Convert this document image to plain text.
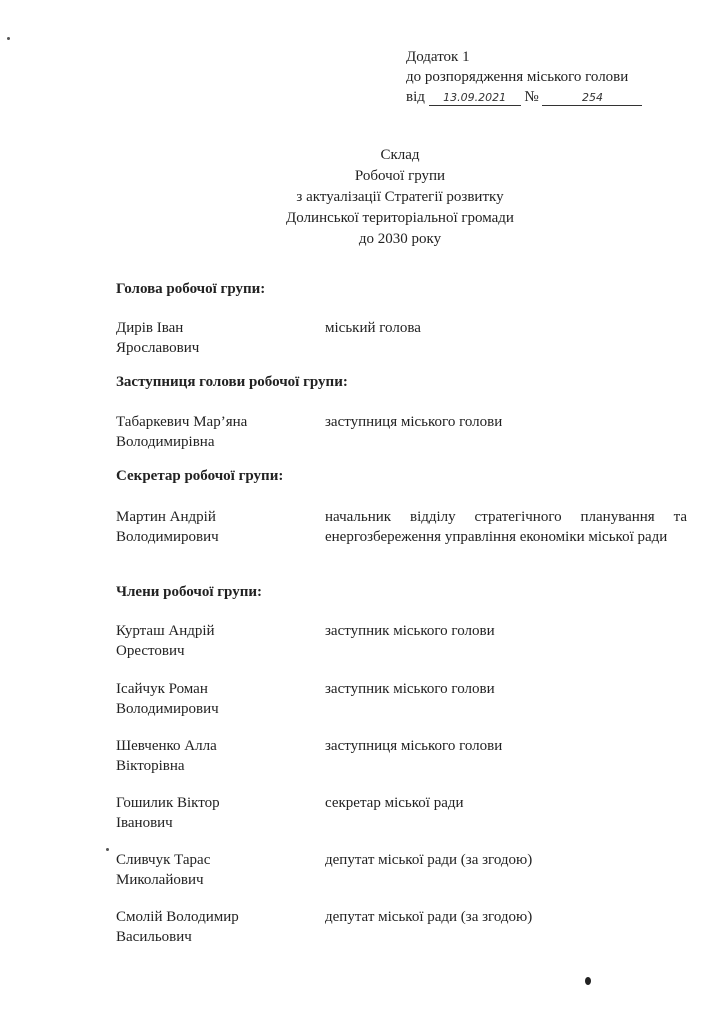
Додаток 1
до розпорядження міського голови
від 13.09.2021 №	254
Склад
Робочої групи
з актуалізації Стратегії розвитку
Долинської територіальної громади
до 2030 року
Голова робочої групи:
Дирів Іван
Ярославович
міський голова
Заступниця голови робочої групи:
Табаркевич Мар’яна
Володимирівна
заступниця міського голови
Секретар робочої групи:
Мартин Андрій
Володимирович
начальник відділу стратегічного планування та енергозбереження управління економіки міської ради
Члени робочої групи:
Курташ Андрій
Орестович
заступник міського голови
Ісайчук Роман
Володимирович
заступник міського голови
Шевченко Алла
Вікторівна
заступниця міського голови
Гошилик Віктор
Іванович
секретар міської ради
Сливчук Тарас
Миколайович
депутат міської ради (за згодою)
Смолій Володимир
Васильович
депутат міської ради (за згодою)
